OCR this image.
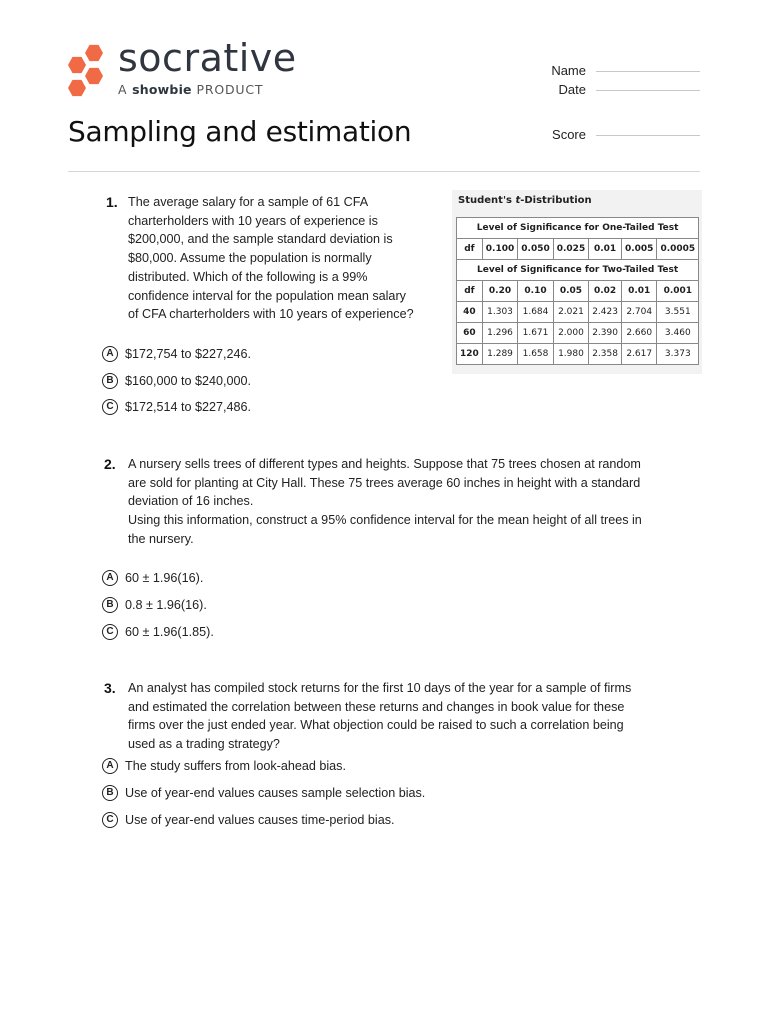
socrative
A showbie PRODUCT
Name
Date
Score
Sampling and estimation
1. The average salary for a sample of 61 CFA
charterholders with 10 years of experience is
$200,000, and the sample standard deviation is
$80,000. Assume the population is normally
distributed. Which of the following is a 99%
confidence interval for the population mean salary
of CFA charterholders with 10 years of experience?
A $172,754 to $227,246.
B $160,000 to $240,000.
C $172,514 to $227,486.
Student's t-Distribution
Level of Significance for One-Tailed Test						
df	0.100	0.050	0.025	0.01	0.005	0.0005
Level of Significance for Two-Tailed Test						
df	0.20	0.10	0.05	0.02	0.01	0.001
40	1.303	1.684	2.021	2.423	2.704	3.551
60	1.296	1.671	2.000	2.390	2.660	3.460
120	1.289	1.658	1.980	2.358	2.617	3.373
2. A nursery sells trees of different types and heights. Suppose that 75 trees chosen at random
are sold for planting at City Hall. These 75 trees average 60 inches in height with a standard
deviation of 16 inches.
Using this information, construct a 95% confidence interval for the mean height of all trees in
the nursery.
A 60 ± 1.96(16).
B 0.8 ± 1.96(16).
C 60 ± 1.96(1.85).
3. An analyst has compiled stock returns for the first 10 days of the year for a sample of firms
and estimated the correlation between these returns and changes in book value for these
firms over the just ended year. What objection could be raised to such a correlation being
used as a trading strategy?
A The study suffers from look-ahead bias.
B Use of year-end values causes sample selection bias.
C Use of year-end values causes time-period bias.
